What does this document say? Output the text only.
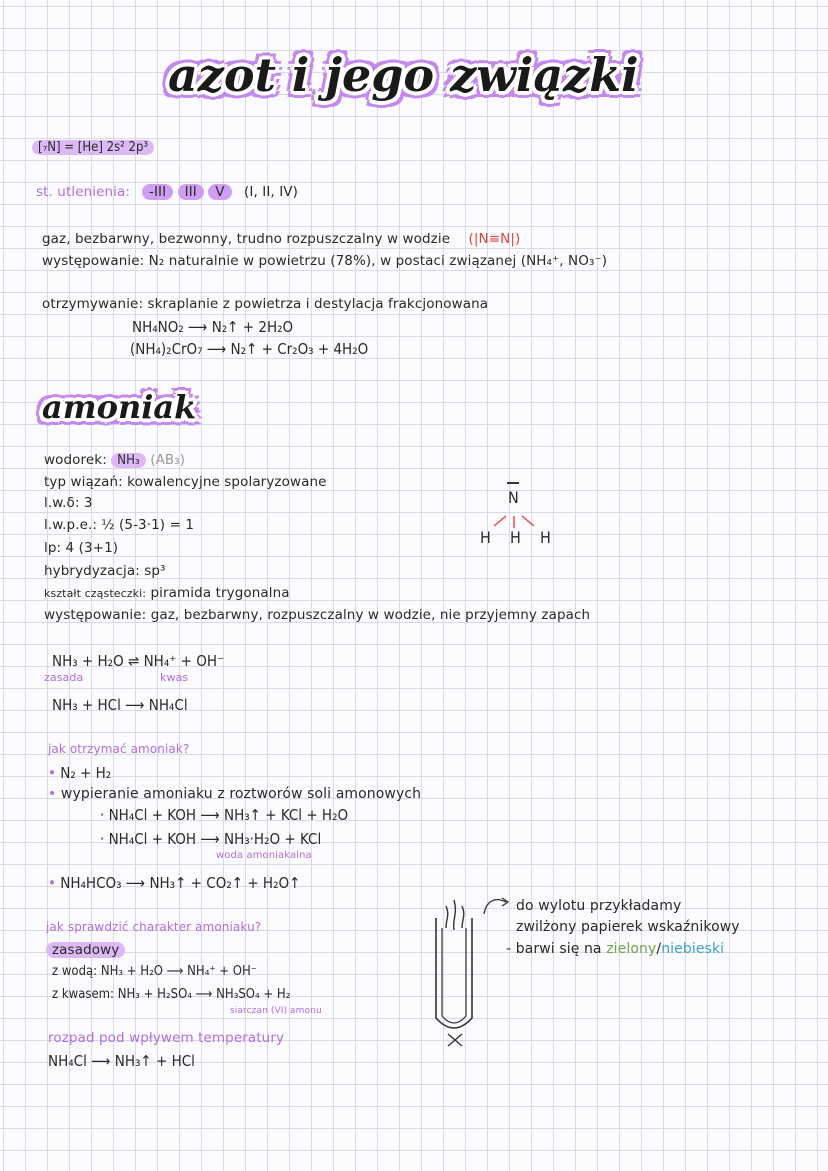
azot i jego związki
[₇N] = [He] 2s² 2p³
st. utlenienia:	-III III V (I, II, IV)
gaz, bezbarwny, bezwonny, trudno rozpuszczalny w wodzie (|N≡N|)
występowanie: N₂ naturalnie w powietrzu (78%), w postaci związanej (NH₄⁺, NO₃⁻)
otrzymywanie: skraplanie z powietrza i destylacja frakcjonowana
NH₄NO₂ ⟶ N₂↑ + 2H₂O
(NH₄)₂CrO₇ ⟶ N₂↑ + Cr₂O₃ + 4H₂O
amoniak
wodorek: NH₃ (AB₃)
typ wiązań: kowalencyjne spolaryzowane
l.w.δ: 3
l.w.p.e.: ½ (5-3·1) = 1
lp: 4 (3+1)
hybrydyzacja: sp³
kształt cząsteczki: piramida trygonalna
występowanie: gaz, bezbarwny, rozpuszczalny w wodzie, nie przyjemny zapach
N
H H H
NH₃ + H₂O ⇌ NH₄⁺ + OH⁻
zasada	kwas
NH₃ + HCl ⟶ NH₄Cl
jak otrzymać amoniak?
• N₂ + H₂
• wypieranie amoniaku z roztworów soli amonowych
· NH₄Cl + KOH ⟶ NH₃↑ + KCl + H₂O
· NH₄Cl + KOH ⟶ NH₃·H₂O + KCl
woda amoniakalna
• NH₄HCO₃ ⟶ NH₃↑ + CO₂↑ + H₂O↑
jak sprawdzić charakter amoniaku?
zasadowy
z wodą: NH₃ + H₂O ⟶ NH₄⁺ + OH⁻
z kwasem: NH₃ + H₂SO₄ ⟶ NH₃SO₄ + H₂
siarczan (VI) amonu
rozpad pod wpływem temperatury
NH₄Cl ⟶ NH₃↑ + HCl
do wylotu przykładamy
zwilżony papierek wskaźnikowy
- barwi się na zielony/niebieski
